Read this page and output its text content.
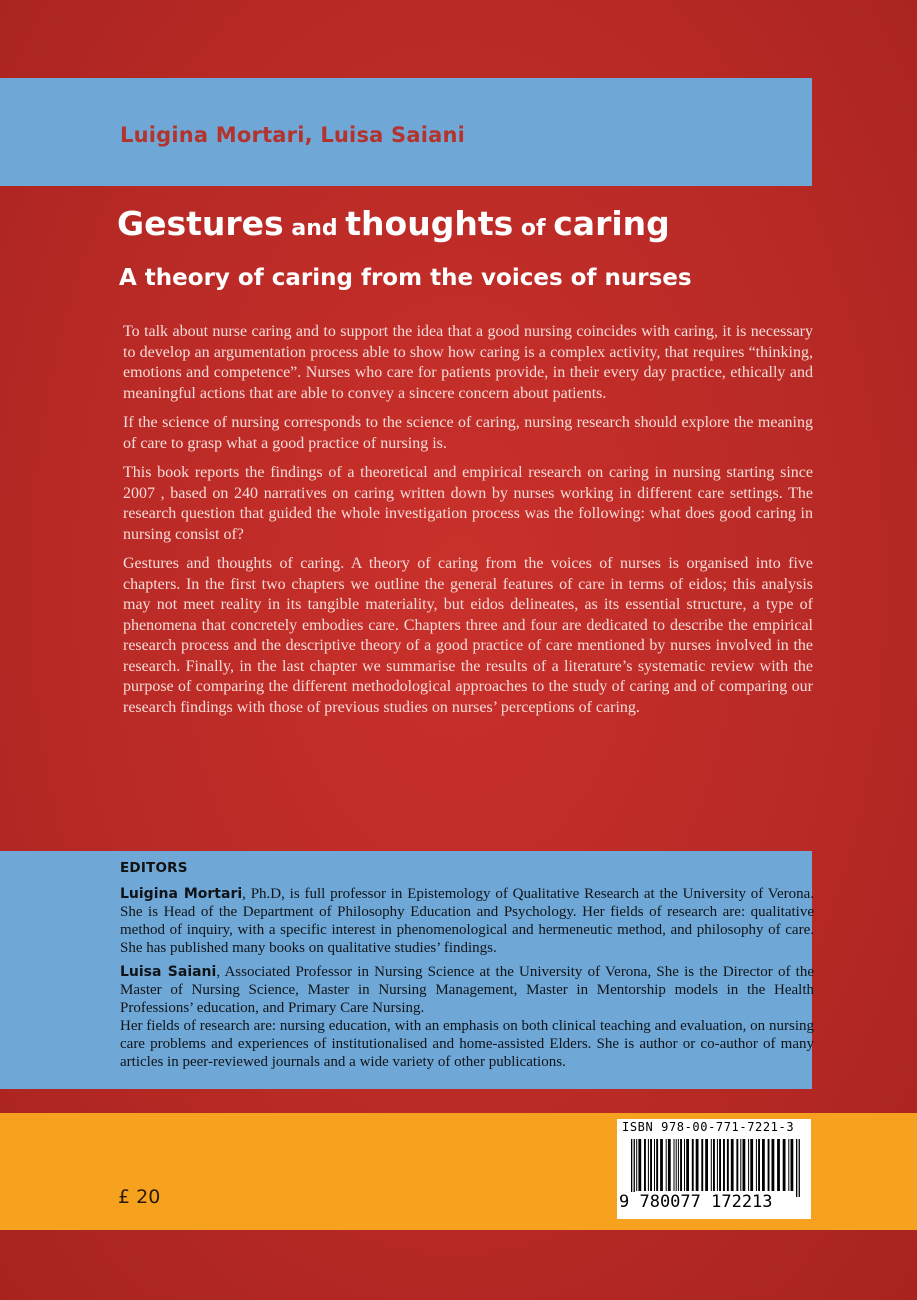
Luigina Mortari, Luisa Saiani
Gestures and thoughts of caring
A theory of caring from the voices of nurses

To talk about nurse caring and to support the idea that a good nursing coincides with caring, it is necessary to develop an argumentation process able to show how caring is a complex activity, that requires “thinking, emotions and competence”. Nurses who care for patients provide, in their every day practice, ethically and meaningful actions that are able to convey a sincere concern about patients.

If the science of nursing corresponds to the science of caring, nursing research should explore the meaning of care to grasp what a good practice of nursing is.

This book reports the findings of a theoretical and empirical research on caring in nursing starting since 2007 , based on 240 narratives on caring written down by nurses working in different care settings. The research question that guided the whole investigation process was the following: what does good caring in nursing consist of?

Gestures and thoughts of caring. A theory of caring from the voices of nurses is organised into five chapters. In the first two chapters we outline the general features of care in terms of eidos; this analysis may not meet reality in its tangible materiality, but eidos delineates, as its essential structure, a type of phenomena that concretely embodies care. Chapters three and four are dedicated to describe the empirical research process and the descriptive theory of a good practice of care mentioned by nurses involved in the research. Finally, in the last chapter we summarise the results of a literature’s systematic review with the purpose of comparing the different methodological approaches to the study of caring and of comparing our research findings with those of previous studies on nurses’ perceptions of caring.

EDITORS

Luigina Mortari, Ph.D, is full professor in Epistemology of Qualitative Research at the University of Verona. She is Head of the Department of Philosophy Education and Psychology. Her fields of research are: qualitative method of inquiry, with a specific interest in phenomenological and hermeneutic method, and philosophy of care. She has published many books on qualitative studies’ findings.

Luisa Saiani, Associated Professor in Nursing Science at the University of Verona, She is the Director of the Master of Nursing Science, Master in Nursing Management, Master in Mentorship models in the Health Professions’ education, and Primary Care Nursing.

Her fields of research are: nursing education, with an emphasis on both clinical teaching and evaluation, on nursing care problems and experiences of institutionalised and home-assisted Elders. She is author or co-author of many articles in peer-reviewed journals and a wide variety of other publications.

£ 20
ISBN 978-00-771-7221-3
9 780077 172213
